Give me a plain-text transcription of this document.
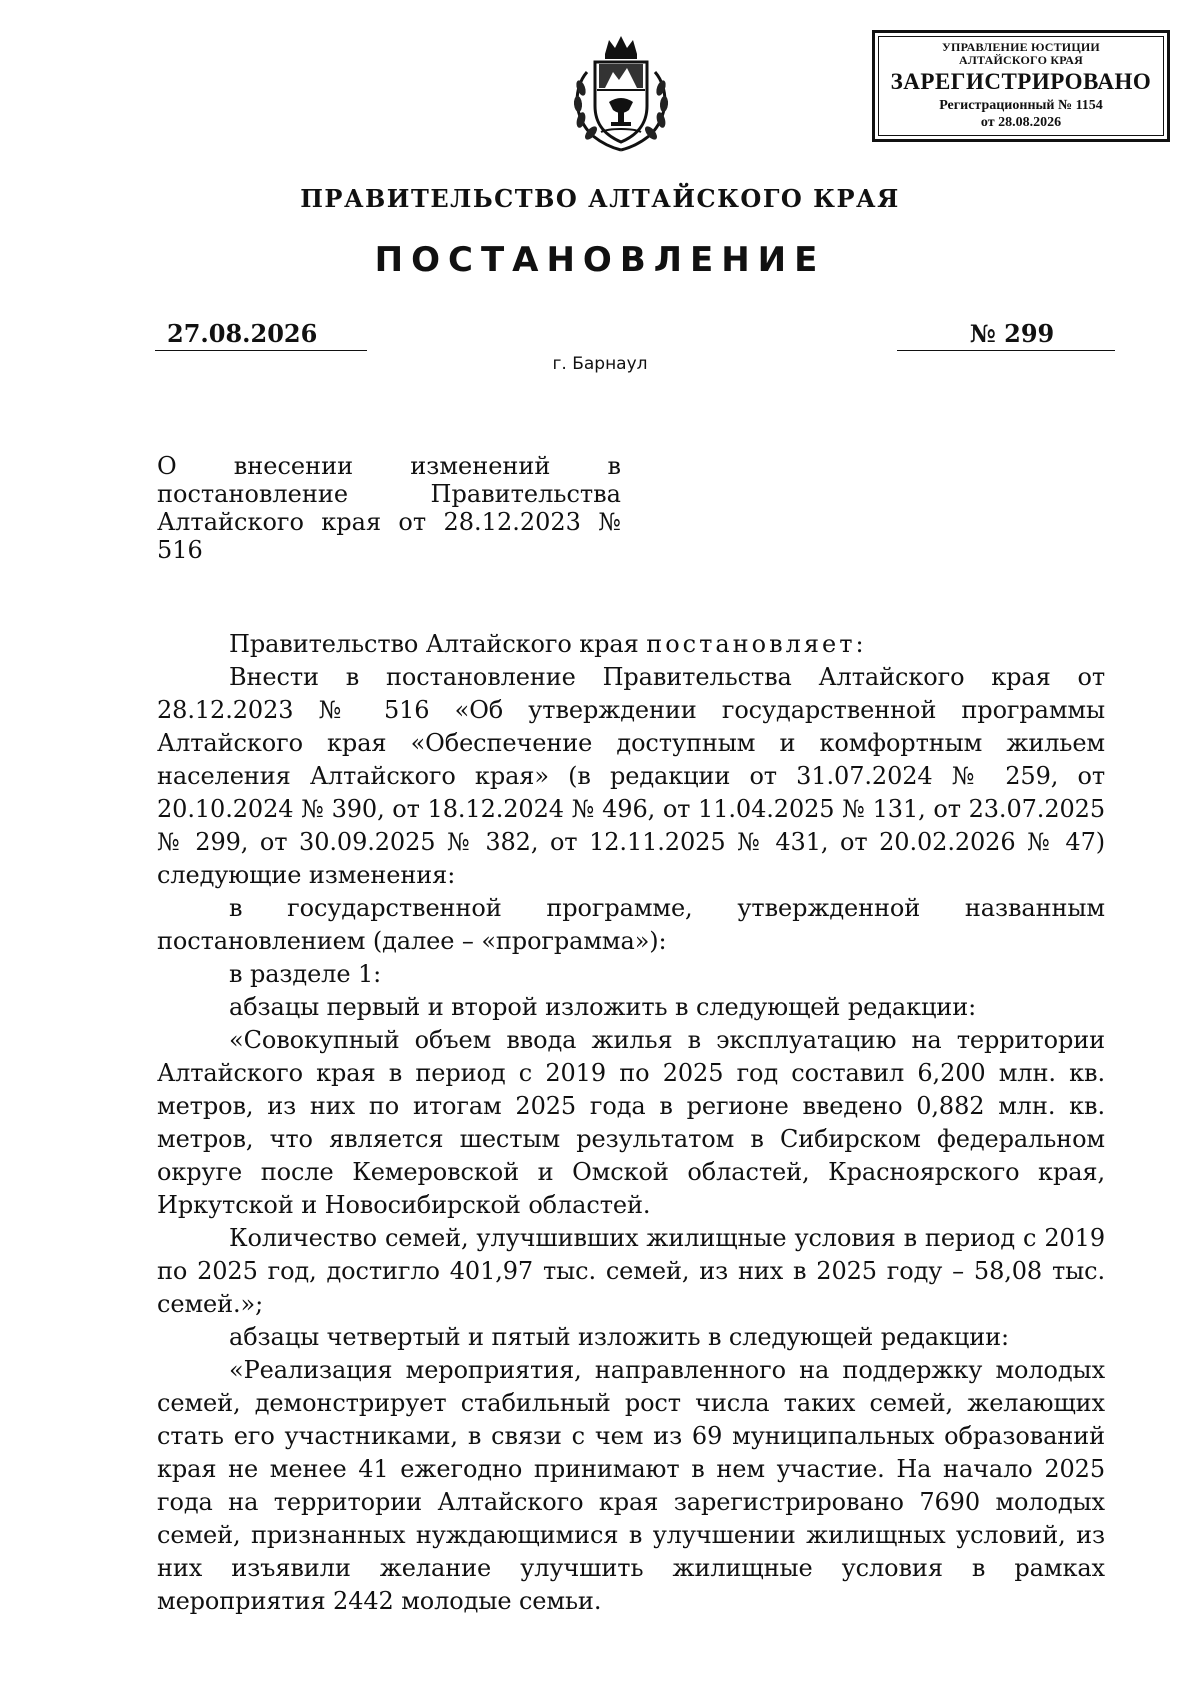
УПРАВЛЕНИЕ ЮСТИЦИИ
АЛТАЙСКОГО КРАЯ
ЗАРЕГИСТРИРОВАНО
Регистрационный № 1154
от 28.08.2026
ПРАВИТЕЛЬСТВО АЛТАЙСКОГО КРАЯ
ПОСТАНОВЛЕНИЕ
27.08.2026	№ 299
г. Барнаул
О внесении изменений в
постановление Правительства
Алтайского края от 28.12.2023 № 516

Правительство Алтайского края постановляет:

Внести в постановление Правительства Алтайского края от 28.12.2023 № 516 «Об утверждении государственной программы Алтайского края «Обеспечение доступным и комфортным жильем населения Алтайского края» (в редакции от 31.07.2024 № 259, от 20.10.2024 № 390, от 18.12.2024 № 496, от 11.04.2025 № 131, от 23.07.2025 № 299, от 30.09.2025 № 382, от 12.11.2025 № 431, от 20.02.2026 № 47) следующие изменения:

в государственной программе, утвержденной названным постановлением (далее – «программа»):

в разделе 1:

абзацы первый и второй изложить в следующей редакции:

«Совокупный объем ввода жилья в эксплуатацию на территории Алтайского края в период с 2019 по 2025 год составил 6,200 млн. кв. метров, из них по итогам 2025 года в регионе введено 0,882 млн. кв. метров, что является шестым результатом в Сибирском федеральном округе после Кемеровской и Омской областей, Красноярского края, Иркутской и Новосибирской областей.

Количество семей, улучшивших жилищные условия в период с 2019 по 2025 год, достигло 401,97 тыс. семей, из них в 2025 году – 58,08 тыс. семей.»;

абзацы четвертый и пятый изложить в следующей редакции:

«Реализация мероприятия, направленного на поддержку молодых семей, демонстрирует стабильный рост числа таких семей, желающих стать его участниками, в связи с чем из 69 муниципальных образований края не менее 41 ежегодно принимают в нем участие. На начало 2025 года на территории Алтайского края зарегистрировано 7690 молодых семей, признанных нуждающимися в улучшении жилищных условий, из них изъявили желание улучшить жилищные условия в рамках мероприятия 2442 молодые семьи.
